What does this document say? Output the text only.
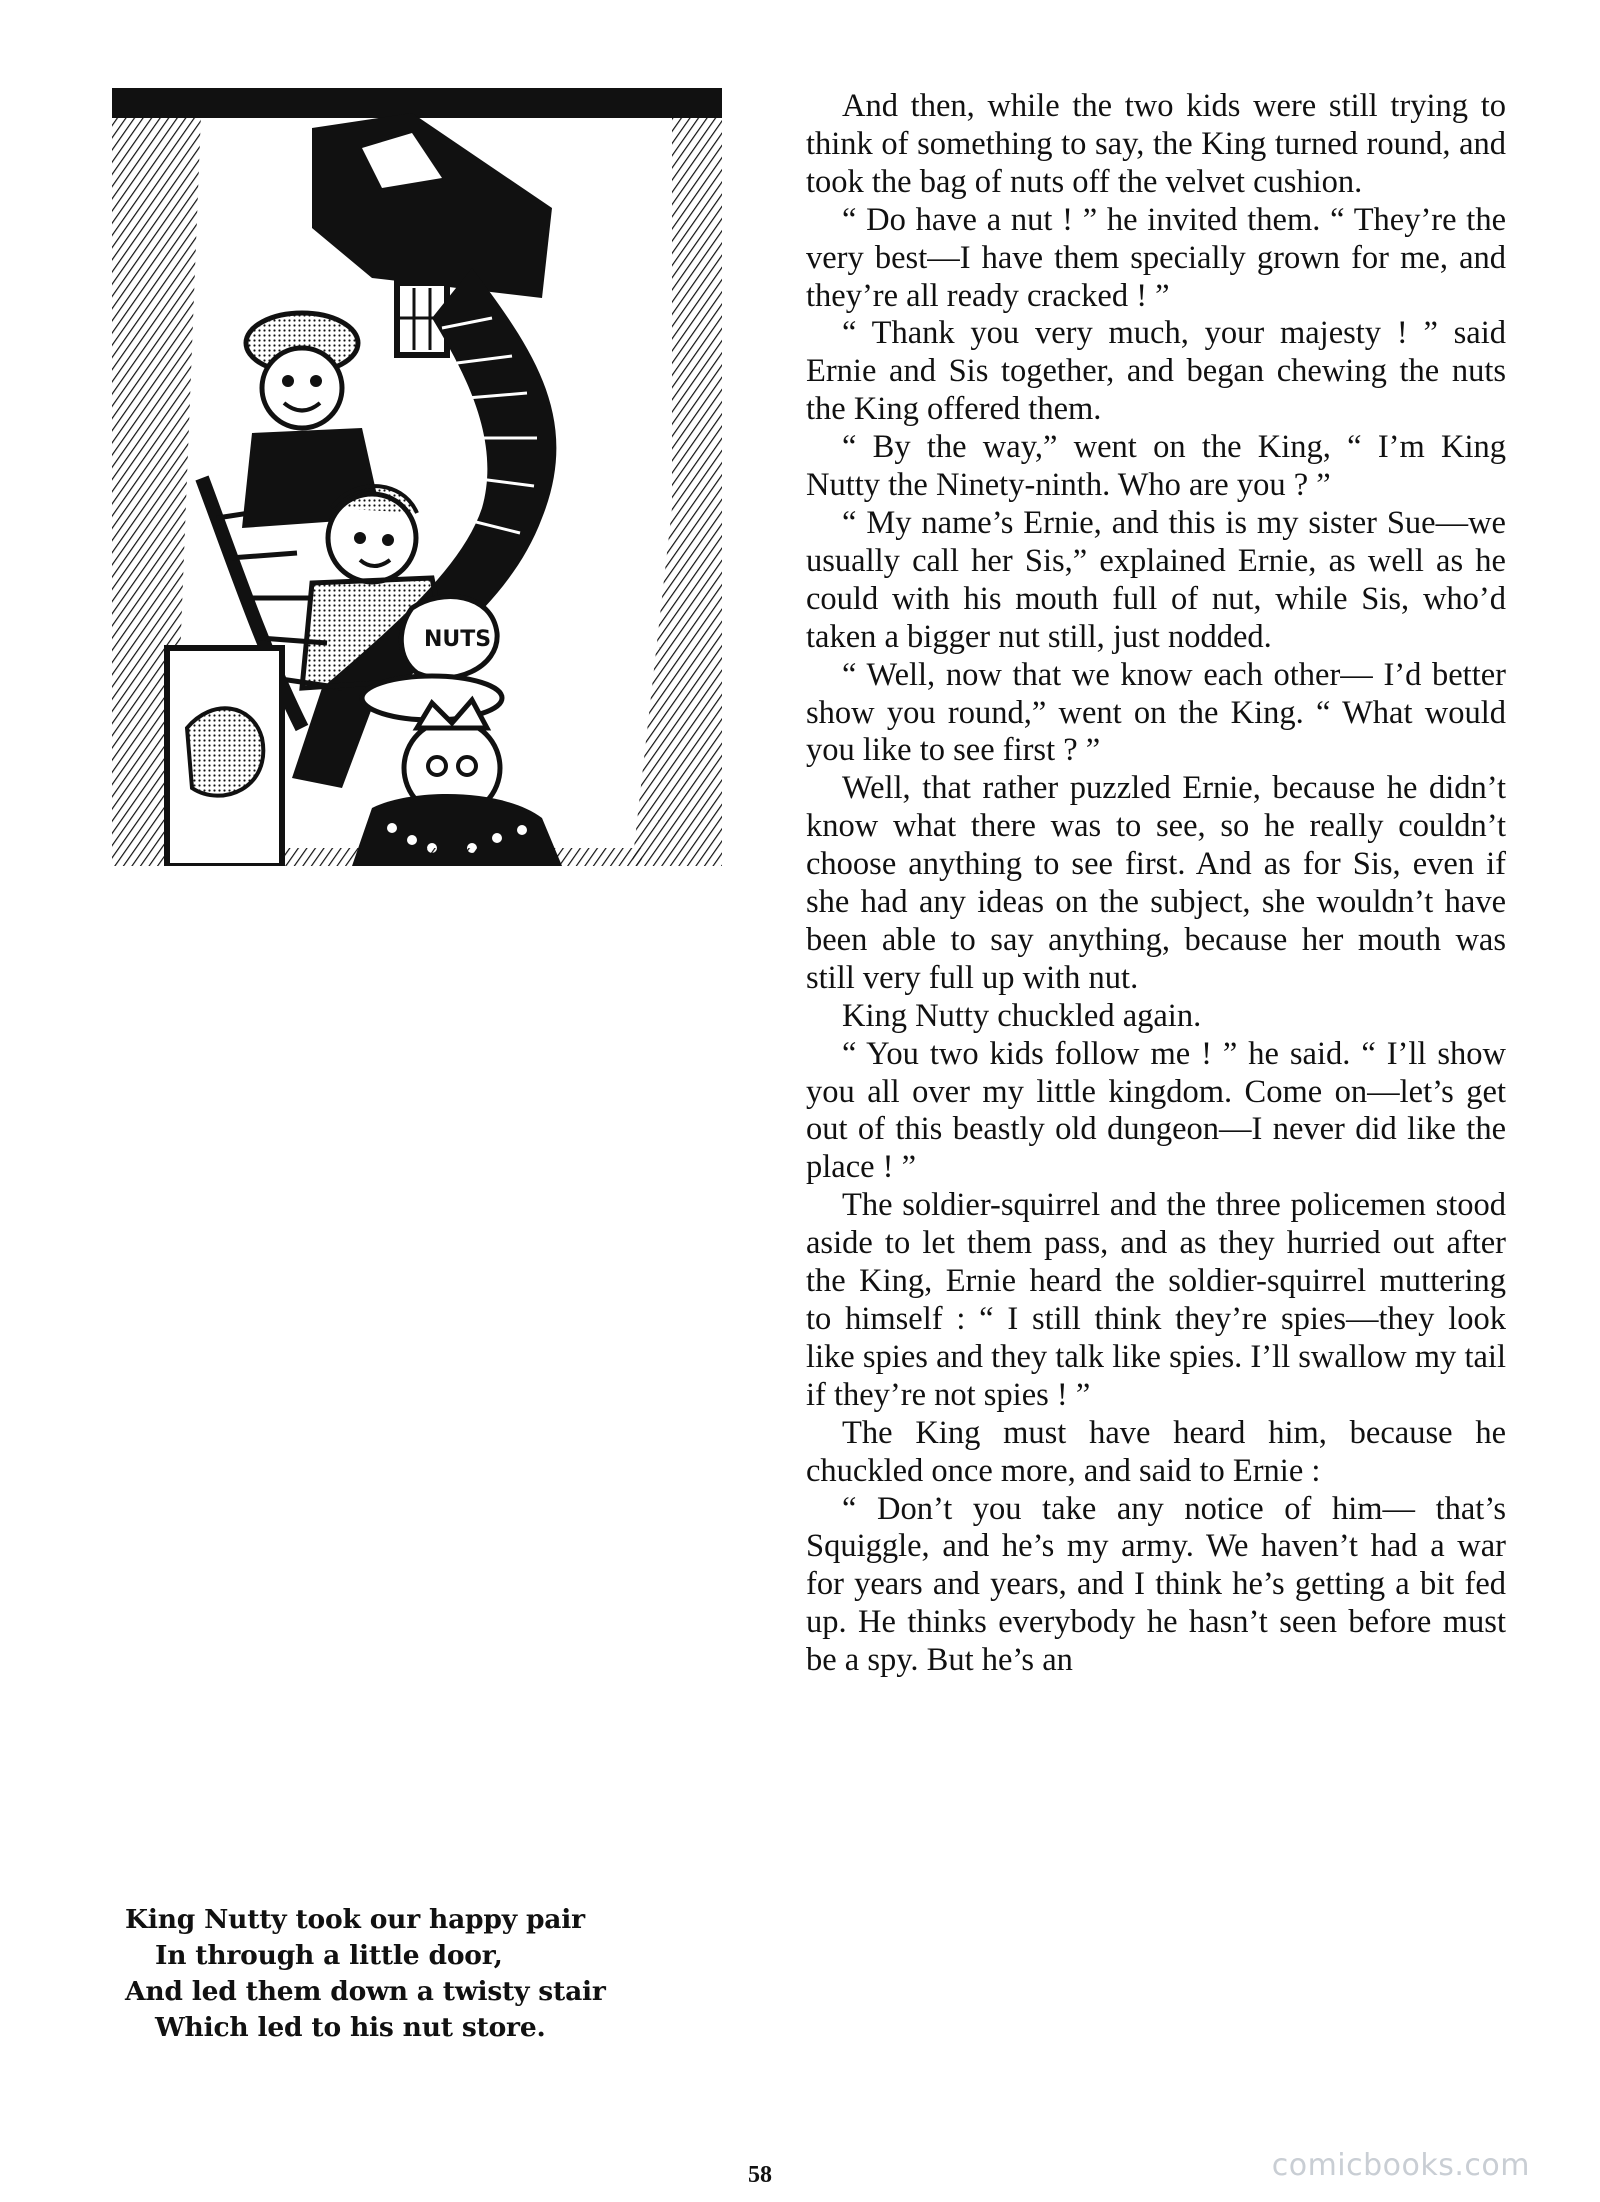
NUTS
King Nutty took our happy pair
In through a little door,
And led them down a twisty stair
Which led to his nut store.

And then, while the two kids were still trying to think of something to say, the King turned round, and took the bag of nuts off the velvet cushion.

“ Do have a nut ! ” he invited them. “ They’re the very best—I have them specially grown for me, and they’re all ready cracked ! ”

“ Thank you very much, your majesty ! ” said Ernie and Sis together, and began chewing the nuts the King offered them.

“ By the way,” went on the King, “ I’m King Nutty the Ninety-ninth. Who are you ? ”

“ My name’s Ernie, and this is my sister Sue—we usually call her Sis,” explained Ernie, as well as he could with his mouth full of nut, while Sis, who’d taken a bigger nut still, just nodded.

“ Well, now that we know each other— I’d better show you round,” went on the King. “ What would you like to see first ? ”

Well, that rather puzzled Ernie, because he didn’t know what there was to see, so he really couldn’t choose anything to see first. And as for Sis, even if she had any ideas on the subject, she wouldn’t have been able to say anything, because her mouth was still very full up with nut.

King Nutty chuckled again.

“ You two kids follow me ! ” he said. “ I’ll show you all over my little kingdom. Come on—let’s get out of this beastly old dungeon—I never did like the place ! ”

The soldier-squirrel and the three policemen stood aside to let them pass, and as they hurried out after the King, Ernie heard the soldier-squirrel muttering to himself : “ I still think they’re spies—they look like spies and they talk like spies. I’ll swallow my tail if they’re not spies ! ”

The King must have heard him, because he chuckled once more, and said to Ernie :

“ Don’t you take any notice of him— that’s Squiggle, and he’s my army. We haven’t had a war for years and years, and I think he’s getting a bit fed up. He thinks everybody he hasn’t seen before must be a spy. But he’s an

58	comicbooks.com
